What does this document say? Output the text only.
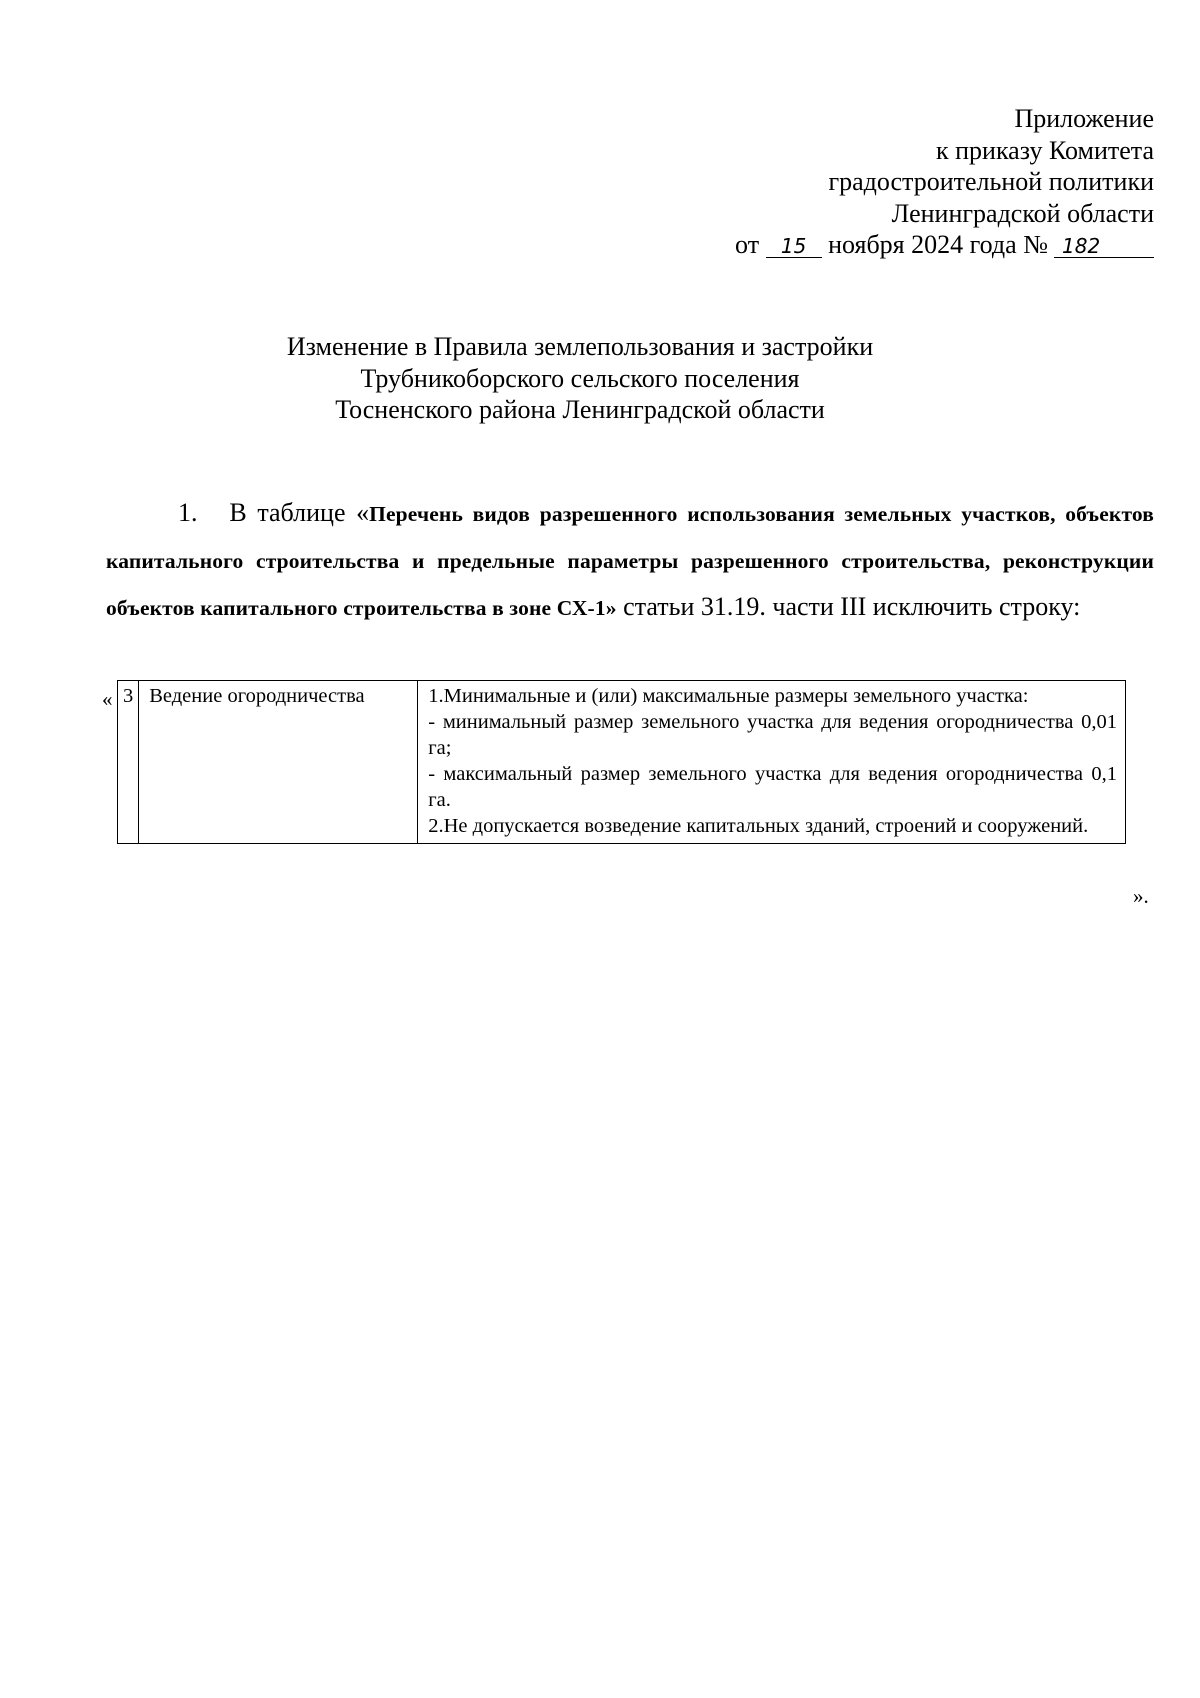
Приложение
к приказу Комитета
градостроительной политики
Ленинградской области
от 15 ноября 2024 года № 182
Изменение в Правила землепользования и застройки
Трубникоборского сельского поселения
Тосненского района Ленинградской области
1. В таблице «Перечень видов разрешенного использования земельных участков, объектов капитального строительства и предельные параметры разрешенного строительства, реконструкции объектов капитального строительства в зоне СХ-1» статьи 31.19. части III исключить строку:
« 3	Ведение огородничества	1.Минимальные и (или) максимальные размеры земельного участка:
- минимальный размер земельного участка для ведения огородничества 0,01 га;
- максимальный размер земельного участка для ведения огородничества 0,1 га.
2.Не допускается возведение капитальных зданий, строений и сооружений.
».
